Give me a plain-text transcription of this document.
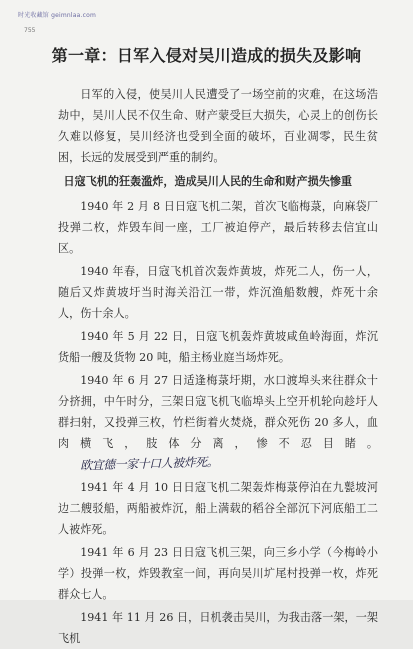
时光收藏馆 geimnlaa.com
755
第一章：日军入侵对吴川造成的损失及影响

日军的入侵，使吴川人民遭受了一场空前的灾难，在这场浩劫中，吴川人民不仅生命、财产蒙受巨大损失，心灵上的创伤长久难以修复，吴川经济也受到全面的破坏，百业凋零，民生贫困，长远的发展受到严重的制约。

日寇飞机的狂轰滥炸，造成吴川人民的生命和财产损失惨重

1940 年 2 月 8 日日寇飞机二架，首次飞临梅菉，向麻袋厂投弹二枚，炸毁车间一座，工厂被迫停产，最后转移去信宜山区。

1940 年春，日寇飞机首次轰炸黄坡，炸死二人，伤一人，随后又炸黄坡圩当时海关沿江一带，炸沉渔船数艘，炸死十余人，伤十余人。

1940 年 5 月 22 日，日寇飞机轰炸黄坡咸鱼岭海面，炸沉货船一艘及货物 20 吨，船主杨业庭当场炸死。

1940 年 6 月 27 日适逢梅菉圩期，水口渡埠头来往群众十分挤拥，中午时分，三架日寇飞机飞临埠头上空开机轮向趁圩人群扫射，又投弹三枚，竹栏街着火焚烧，群众死伤 20 多人，血肉横飞，肢体分离，惨不忍目睹。欧宜德一家十口人被炸死。

1941 年 4 月 10 日日寇飞机二架轰炸梅菉停泊在九甏坡河边二艘驳船，两船被炸沉，船上满载的稻谷全部沉下河底船工二人被炸死。

1941 年 6 月 23 日日寇飞机三架，向三乡小学（今梅岭小学）投弹一枚，炸毁教室一间，再向吴川圹尾村投弹一枚，炸死群众七人。

1941 年 11 月 26 日，日机袭击吴川，为我击落一架，一架飞机
